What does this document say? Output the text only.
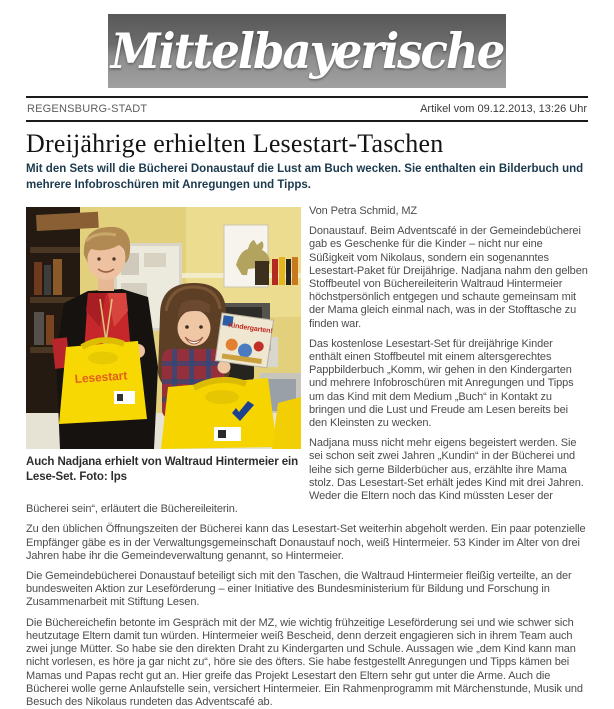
Mittelbayerische
REGENSBURG-STADT	Artikel vom 09.12.2013, 13:26 Uhr
Dreijährige erhielten Lesestart-Taschen

Mit den Sets will die Bücherei Donaustauf die Lust am Buch wecken. Sie enthalten ein Bilderbuch und mehrere Infobroschüren mit Anregungen und Tipps.

Kindergarten!
Lesestart
Auch Nadjana erhielt von Waltraud Hintermeier ein Lese-Set. Foto: lps

Von Petra Schmid, MZ

Donaustauf. Beim Adventscafé in der Gemeindebücherei gab es Geschenke für die Kinder – nicht nur eine Süßigkeit vom Nikolaus, sondern ein sogenanntes Lesestart-Paket für Dreijährige. Nadjana nahm den gelben Stoffbeutel von Büchereileiterin Waltraud Hintermeier höchstpersönlich entgegen und schaute gemeinsam mit der Mama gleich einmal nach, was in der Stofftasche zu finden war.

Das kostenlose Lesestart-Set für dreijährige Kinder enthält einen Stoffbeutel mit einem altersgerechtes Pappbilderbuch „Komm, wir gehen in den Kindergarten und mehrere Infobroschüren mit Anregungen und Tipps um das Kind mit dem Medium „Buch“ in Kontakt zu bringen und die Lust und Freude am Lesen bereits bei den Kleinsten zu wecken.

Nadjana muss nicht mehr eigens begeistert werden. Sie sei schon seit zwei Jahren „Kundin“ in der Bücherei und leihe sich gerne Bilderbücher aus, erzählte ihre Mama stolz. Das Lesestart-Set erhält jedes Kind mit drei Jahren. Weder die Eltern noch das Kind müssten Leser der Bücherei sein“, erläutert die Büchereileiterin.

Zu den üblichen Öffnungszeiten der Bücherei kann das Lesestart-Set weiterhin abgeholt werden. Ein paar potenzielle Empfänger gäbe es in der Verwaltungsgemeinschaft Donaustauf noch, weiß Hintermeier. 53 Kinder im Alter von drei Jahren habe ihr die Gemeindeverwaltung genannt, so Hintermeier.

Die Gemeindebücherei Donaustauf beteiligt sich mit den Taschen, die Waltraud Hintermeier fleißig verteilte, an der bundesweiten Aktion zur Leseförderung – einer Initiative des Bundesministerium für Bildung und Forschung in Zusammenarbeit mit Stiftung Lesen.

Die Büchereichefin betonte im Gespräch mit der MZ, wie wichtig frühzeitige Leseförderung sei und wie schwer sich heutzutage Eltern damit tun würden. Hintermeier weiß Bescheid, denn derzeit engagieren sich in ihrem Team auch zwei junge Mütter. So habe sie den direkten Draht zu Kindergarten und Schule. Aussagen wie „dem Kind kann man nicht vorlesen, es höre ja gar nicht zu“, höre sie des öfters. Sie habe festgestellt Anregungen und Tipps kämen bei Mamas und Papas recht gut an. Hier greife das Projekt Lesestart den Eltern sehr gut unter die Arme. Auch die Bücherei wolle gerne Anlaufstelle sein, versichert Hintermeier. Ein Rahmenprogramm mit Märchenstunde, Musik und Besuch des Nikolaus rundeten das Adventscafé ab.
